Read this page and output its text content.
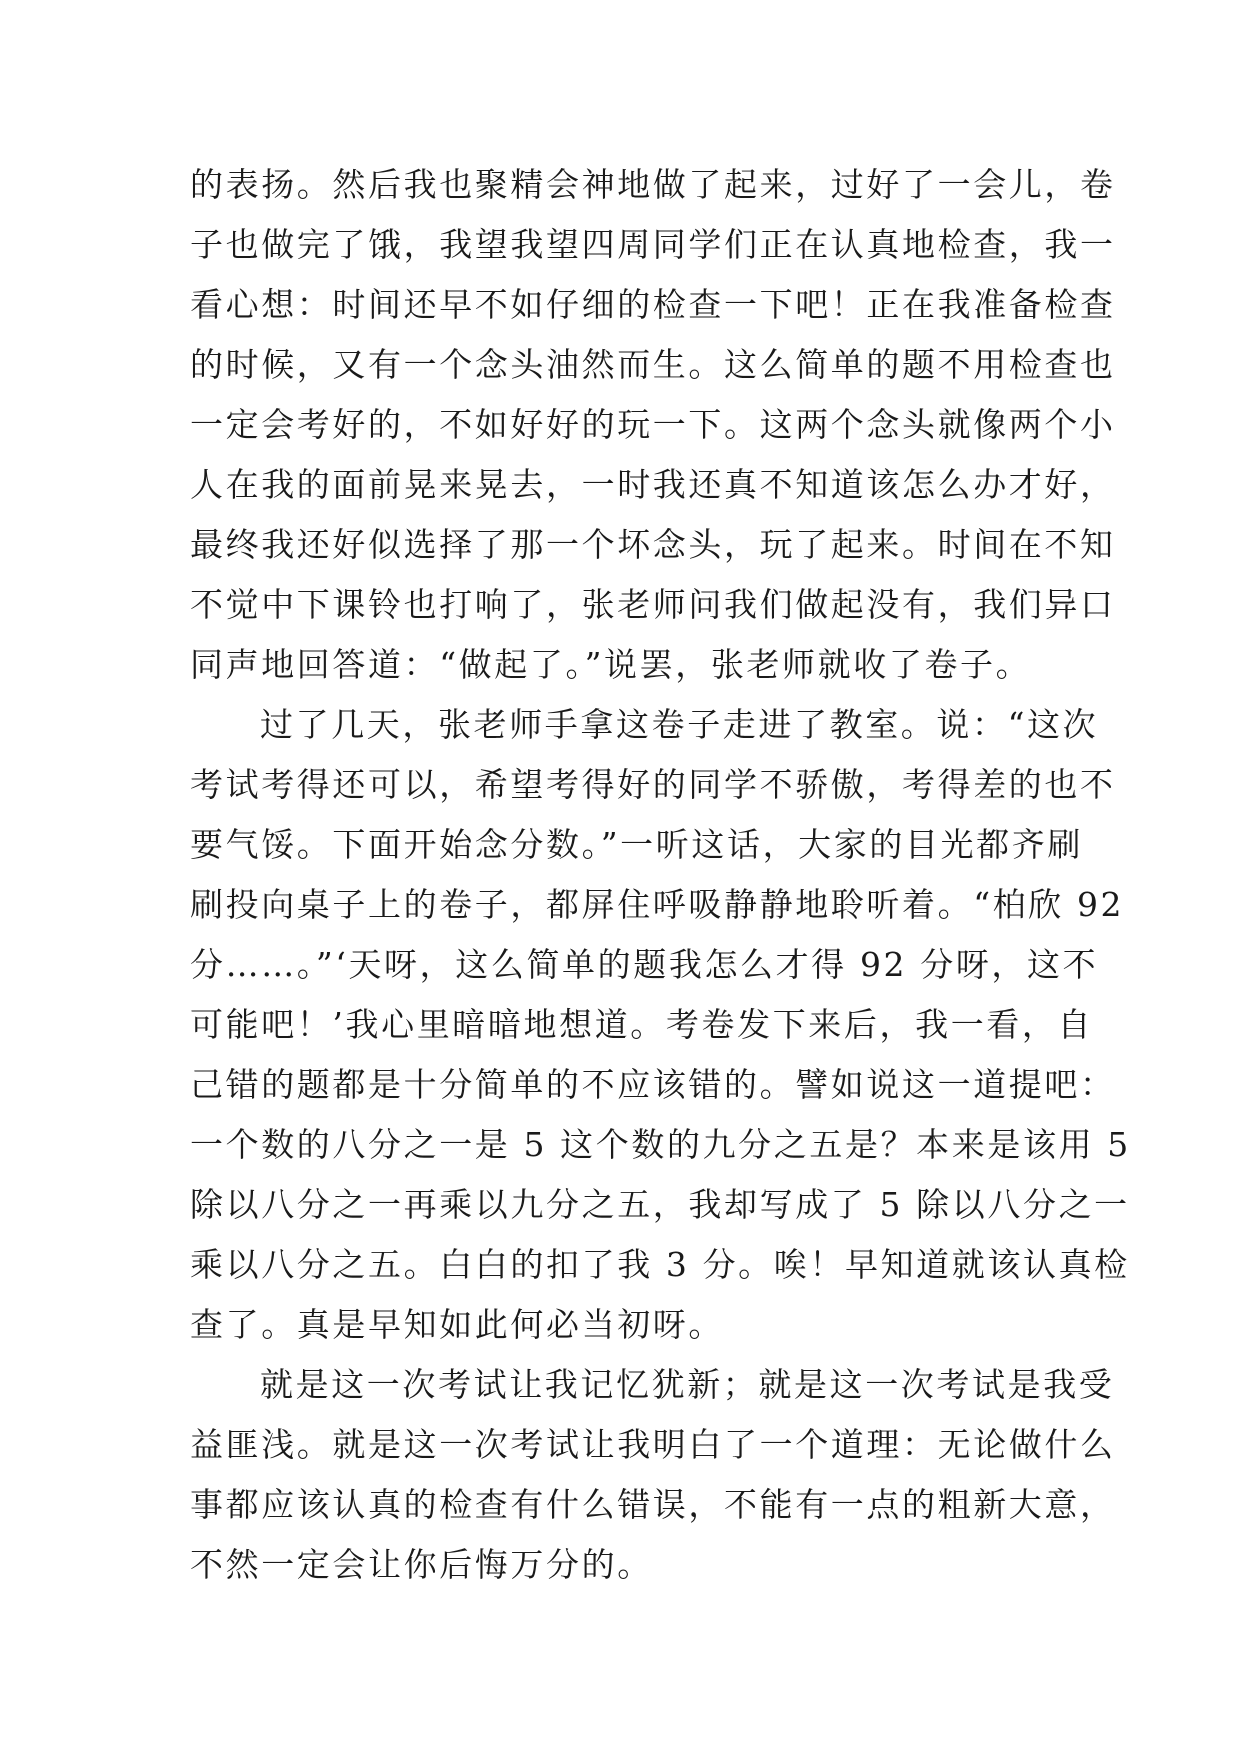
的表扬。然后我也聚精会神地做了起来，过好了一会儿，卷
子也做完了饿，我望我望四周同学们正在认真地检查，我一
看心想：时间还早不如仔细的检查一下吧！正在我准备检查
的时候，又有一个念头油然而生。这么简单的题不用检查也
一定会考好的，不如好好的玩一下。这两个念头就像两个小
人在我的面前晃来晃去，一时我还真不知道该怎么办才好，
最终我还好似选择了那一个坏念头，玩了起来。时间在不知
不觉中下课铃也打响了，张老师问我们做起没有，我们异口
同声地回答道：“做起了。”说罢，张老师就收了卷子。
过了几天，张老师手拿这卷子走进了教室。说：“这次
考试考得还可以，希望考得好的同学不骄傲，考得差的也不
要气馁。下面开始念分数。”一听这话，大家的目光都齐刷
刷投向桌子上的卷子，都屏住呼吸静静地聆听着。“柏欣 92
分……。”‘天呀，这么简单的题我怎么才得 92 分呀，这不
可能吧！’我心里暗暗地想道。考卷发下来后，我一看，自
己错的题都是十分简单的不应该错的。譬如说这一道提吧：
一个数的八分之一是 5 这个数的九分之五是？本来是该用 5
除以八分之一再乘以九分之五，我却写成了 5 除以八分之一
乘以八分之五。白白的扣了我 3 分。唉！早知道就该认真检
查了。真是早知如此何必当初呀。
就是这一次考试让我记忆犹新；就是这一次考试是我受
益匪浅。就是这一次考试让我明白了一个道理：无论做什么
事都应该认真的检查有什么错误，不能有一点的粗新大意，
不然一定会让你后悔万分的。
